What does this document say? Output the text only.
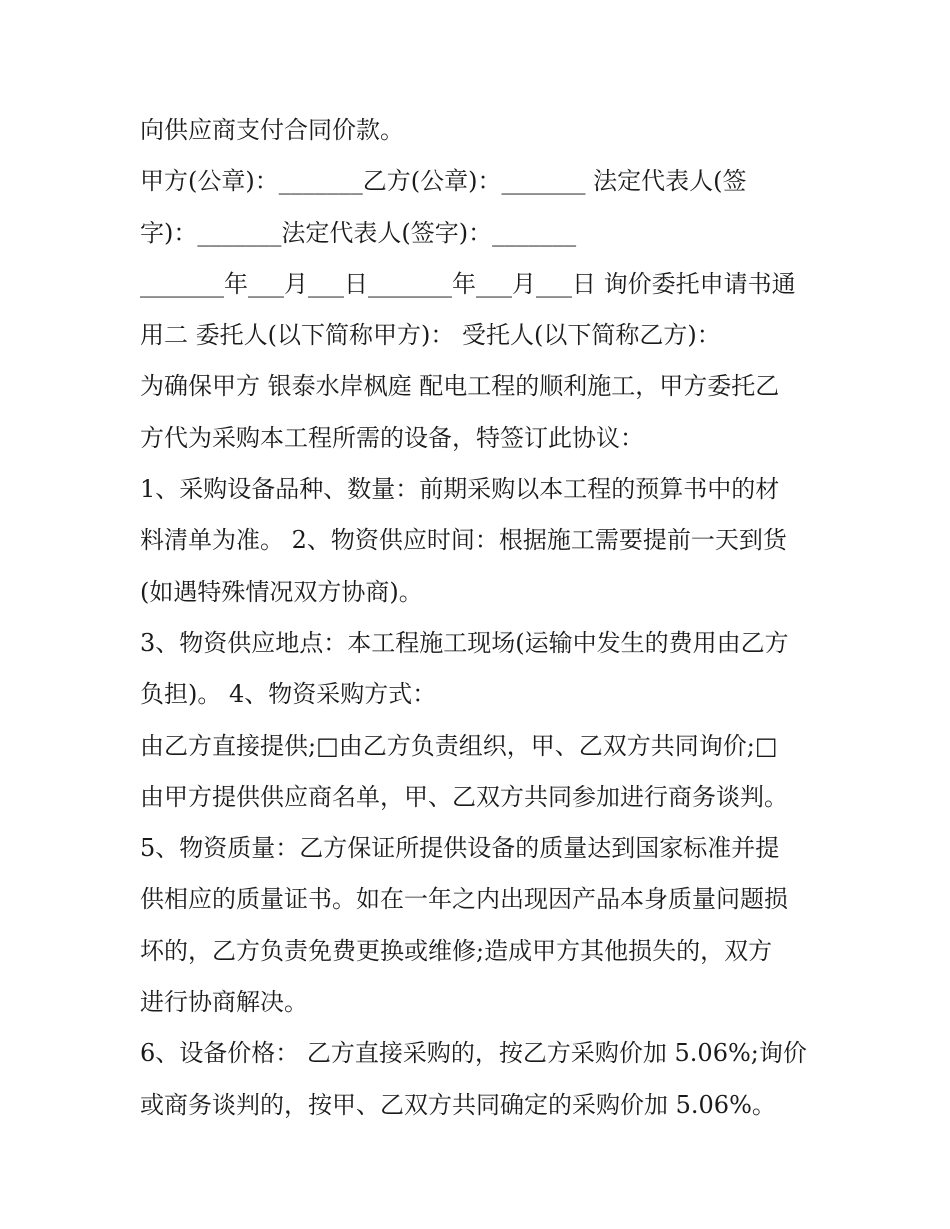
向供应商支付合同价款。
甲方(公章)：_______乙方(公章)：_______ 法定代表人(签
字)：_______法定代表人(签字)：_______
_______年___月___日_______年___月___日 询价委托申请书通
用二 委托人(以下简称甲方)： 受托人(以下简称乙方)：
为确保甲方 银泰水岸枫庭 配电工程的顺利施工，甲方委托乙
方代为采购本工程所需的设备，特签订此协议：
1、采购设备品种、数量：前期采购以本工程的预算书中的材
料清单为准。 2、物资供应时间：根据施工需要提前一天到货
(如遇特殊情况双方协商)。
3、物资供应地点：本工程施工现场(运输中发生的费用由乙方
负担)。 4、物资采购方式：
由乙方直接提供;□由乙方负责组织，甲、乙双方共同询价;□
由甲方提供供应商名单，甲、乙双方共同参加进行商务谈判。
5、物资质量：乙方保证所提供设备的质量达到国家标准并提
供相应的质量证书。如在一年之内出现因产品本身质量问题损
坏的，乙方负责免费更换或维修;造成甲方其他损失的，双方
进行协商解决。
6、设备价格： 乙方直接采购的，按乙方采购价加 5.06%;询价
或商务谈判的，按甲、乙双方共同确定的采购价加 5.06%。
